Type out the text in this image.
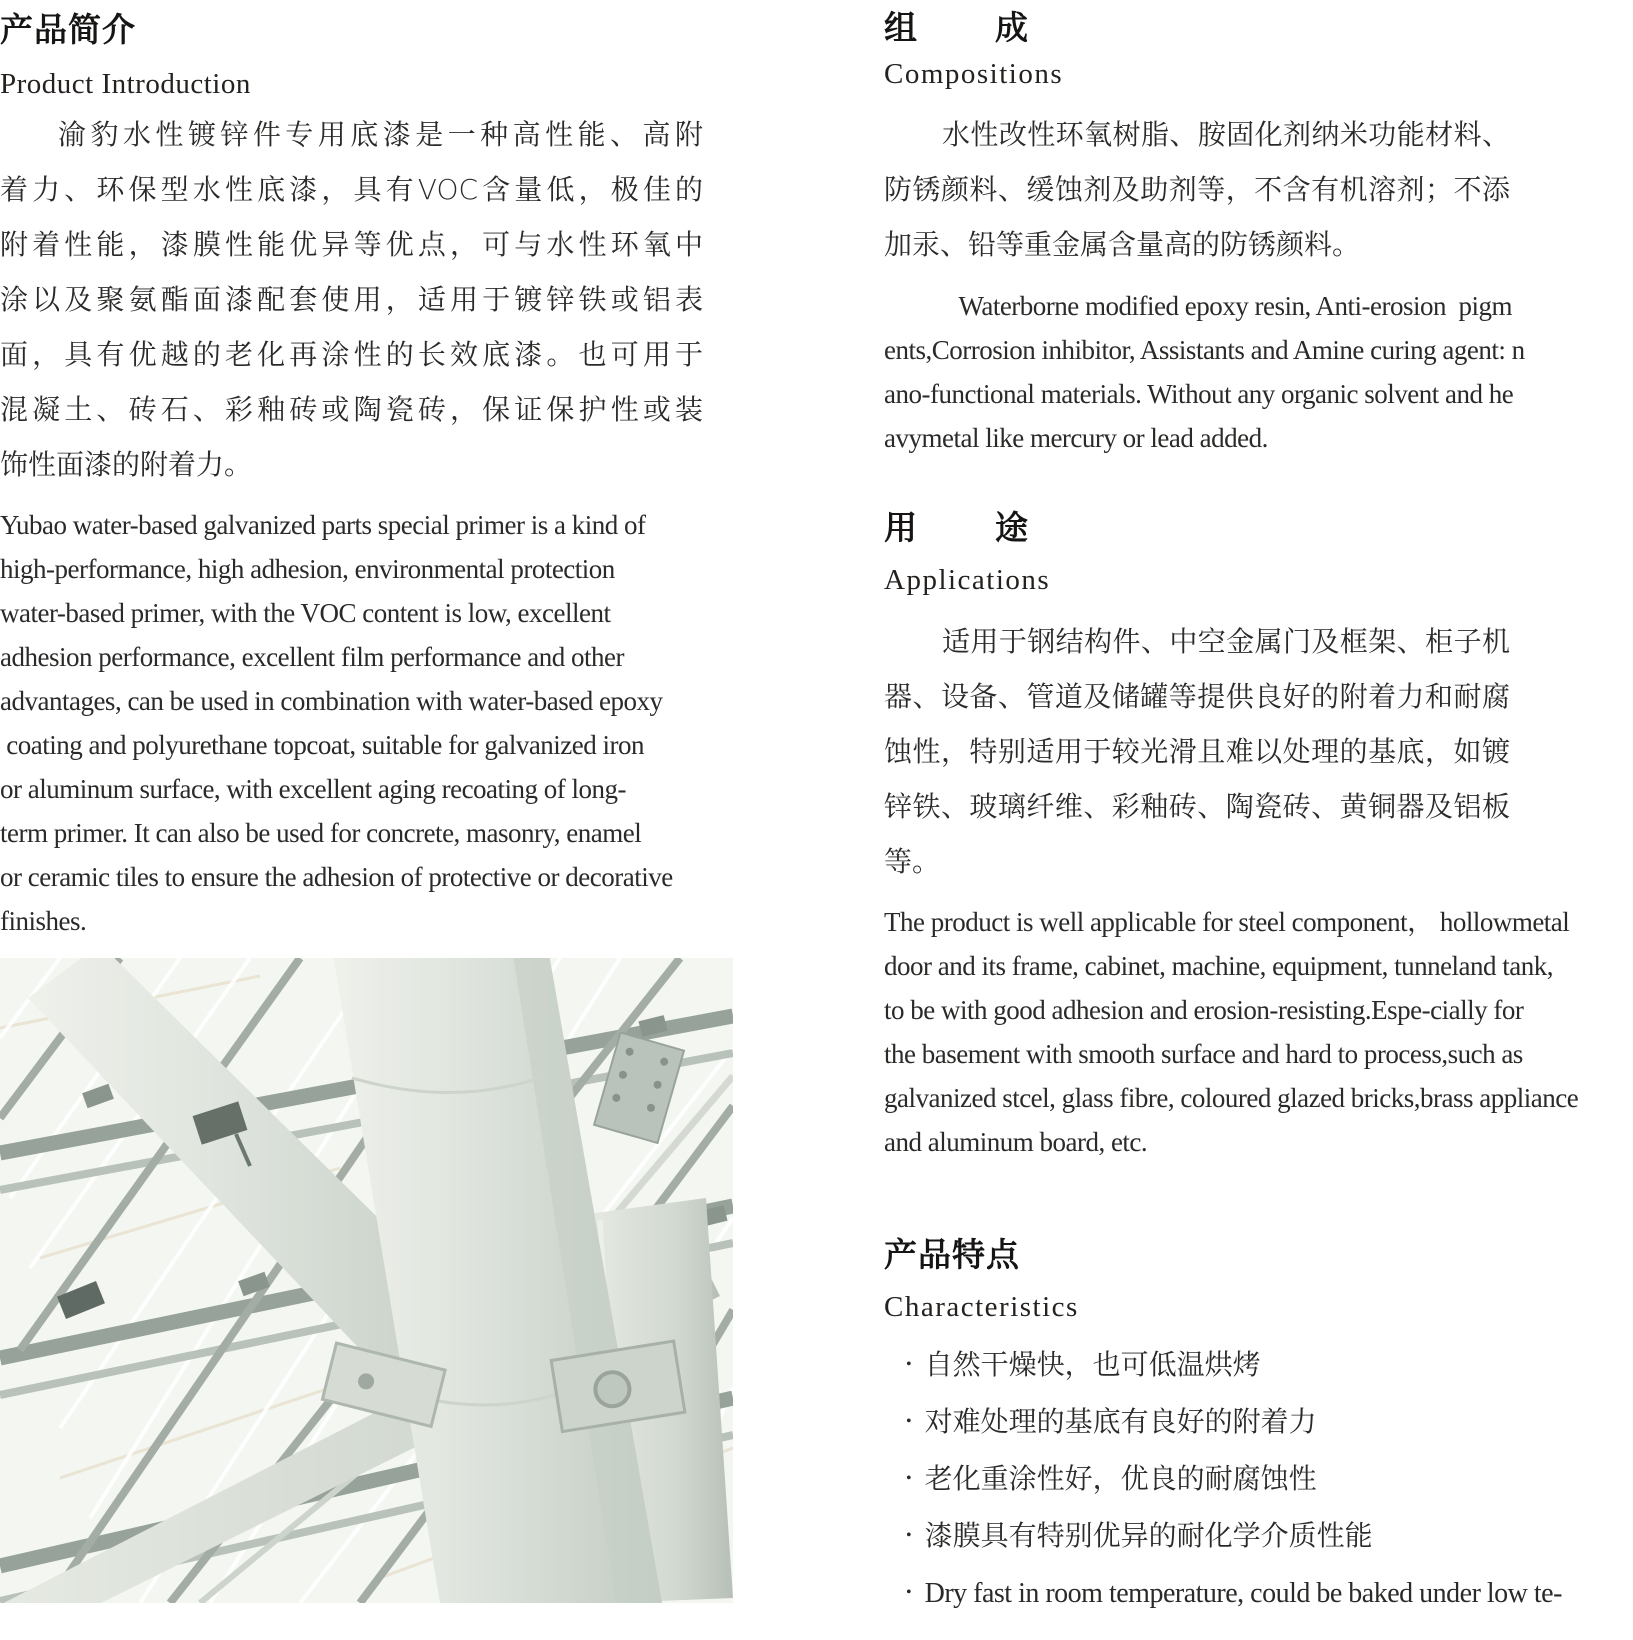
产品简介
Product Introduction
渝豹水性镀锌件专用底漆是一种高性能、高附
着力、环保型水性底漆，具有VOC含量低，极佳的
附着性能，漆膜性能优异等优点，可与水性环氧中
涂以及聚氨酯面漆配套使用，适用于镀锌铁或铝表
面，具有优越的老化再涂性的长效底漆。也可用于
混凝土、砖石、彩釉砖或陶瓷砖，保证保护性或装
饰性面漆的附着力。
Yubao water-based galvanized parts special primer is a kind of
high-performance, high adhesion, environmental protection
water-based primer, with the VOC content is low, excellent
adhesion performance, excellent film performance and other
advantages, can be used in combination with water-based epoxy
coating and polyurethane topcoat, suitable for galvanized iron
or aluminum surface, with excellent aging recoating of long-
term primer. It can also be used for concrete, masonry, enamel
or ceramic tiles to ensure the adhesion of protective or decorative
finishes.
组成
Compositions
水性改性环氧树脂、胺固化剂纳米功能材料、
防锈颜料、缓蚀剂及助剂等，不含有机溶剂；不添
加汞、铅等重金属含量高的防锈颜料。
Waterborne modified epoxy resin, Anti-erosion  pigm
ents,Corrosion inhibitor, Assistants and Amine curing agent: n
ano-functional materials. Without any organic solvent and he
avymetal like mercury or lead added.
用途
Applications
适用于钢结构件、中空金属门及框架、柜子机
器、设备、管道及储罐等提供良好的附着力和耐腐
蚀性，特别适用于较光滑且难以处理的基底，如镀
锌铁、玻璃纤维、彩釉砖、陶瓷砖、黄铜器及铝板
等。
The product is well applicable for steel component， hollowmetal
door and its frame, cabinet, machine, equipment, tunneland tank,
to be with good adhesion and erosion-resisting.Espe-cially for
the basement with smooth surface and hard to process,such as
galvanized stcel, glass fibre, coloured glazed bricks,brass appliance
and aluminum board, etc.
产品特点
Characteristics
• 自然干燥快，也可低温烘烤
• 对难处理的基底有良好的附着力
• 老化重涂性好，优良的耐腐蚀性
• 漆膜具有特别优异的耐化学介质性能
• Dry fast in room temperature, could be baked under low te-
